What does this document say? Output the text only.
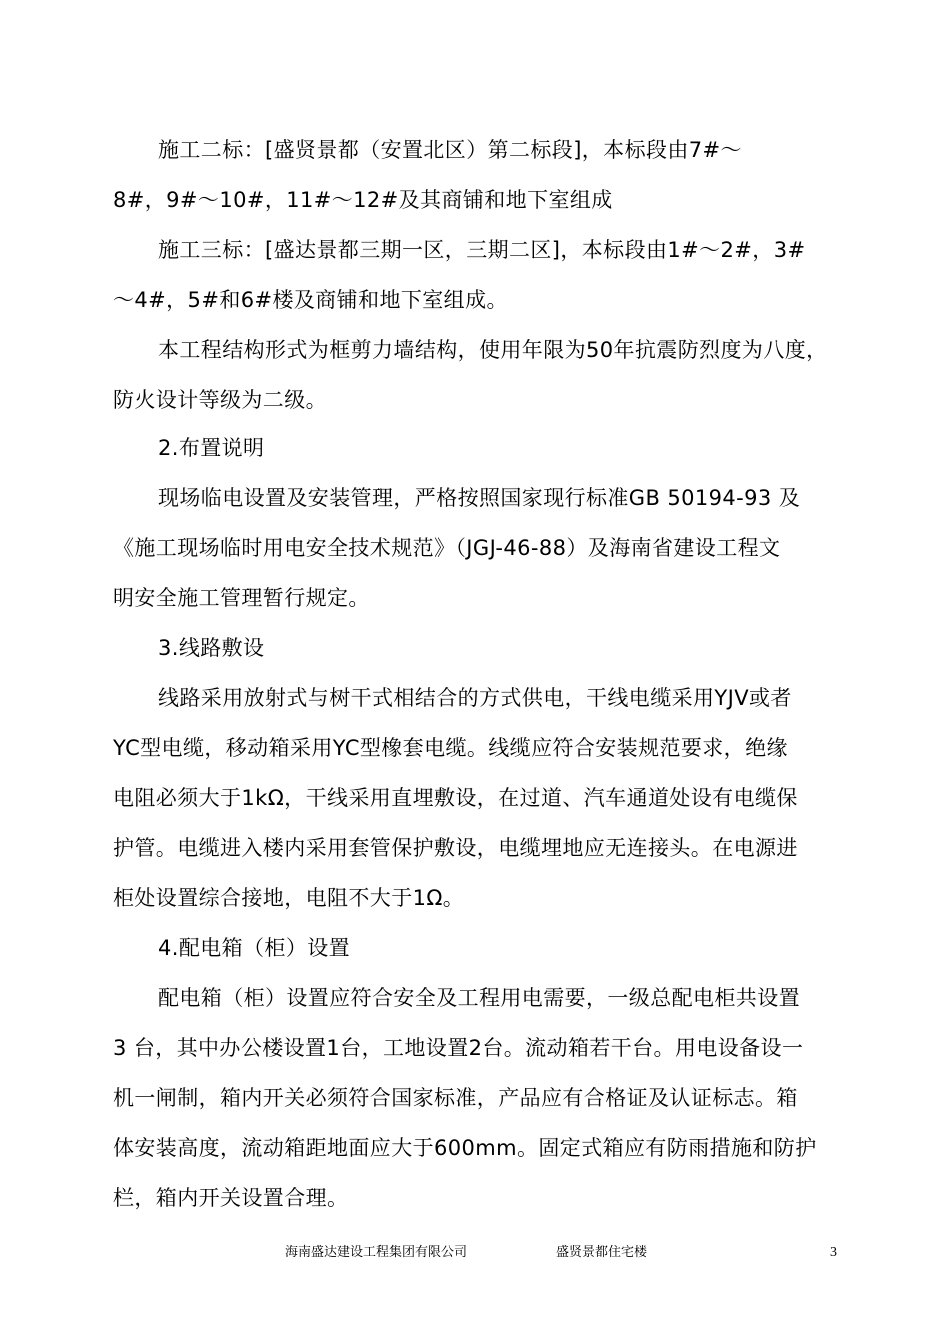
施工二标：[盛贤景都（安置北区）第二标段]，本标段由7#～
8#，9#～10#，11#～12#及其商铺和地下室组成
施工三标：[盛达景都三期一区，三期二区]，本标段由1#～2#，3#
～4#，5#和6#楼及商铺和地下室组成。
本工程结构形式为框剪力墙结构，使用年限为50年抗震防烈度为八度，
防火设计等级为二级。
2.布置说明
现场临电设置及安装管理，严格按照国家现行标准GB 50194-93 及
《施工现场临时用电安全技术规范》（JGJ-46-88）及海南省建设工程文
明安全施工管理暂行规定。
3.线路敷设
线路采用放射式与树干式相结合的方式供电，干线电缆采用YJV或者
YC型电缆，移动箱采用YC型橡套电缆。线缆应符合安装规范要求，绝缘
电阻必须大于1kΩ，干线采用直埋敷设，在过道、汽车通道处设有电缆保
护管。电缆进入楼内采用套管保护敷设，电缆埋地应无连接头。在电源进
柜处设置综合接地，电阻不大于1Ω。
4.配电箱（柜）设置
配电箱（柜）设置应符合安全及工程用电需要，一级总配电柜共设置
3 台，其中办公楼设置1台，工地设置2台。流动箱若干台。用电设备设一
机一闸制，箱内开关必须符合国家标准，产品应有合格证及认证标志。箱
体安装高度，流动箱距地面应大于600mm。固定式箱应有防雨措施和防护
栏，箱内开关设置合理。
海南盛达建设工程集团有限公司	盛贤景都住宅楼	3
